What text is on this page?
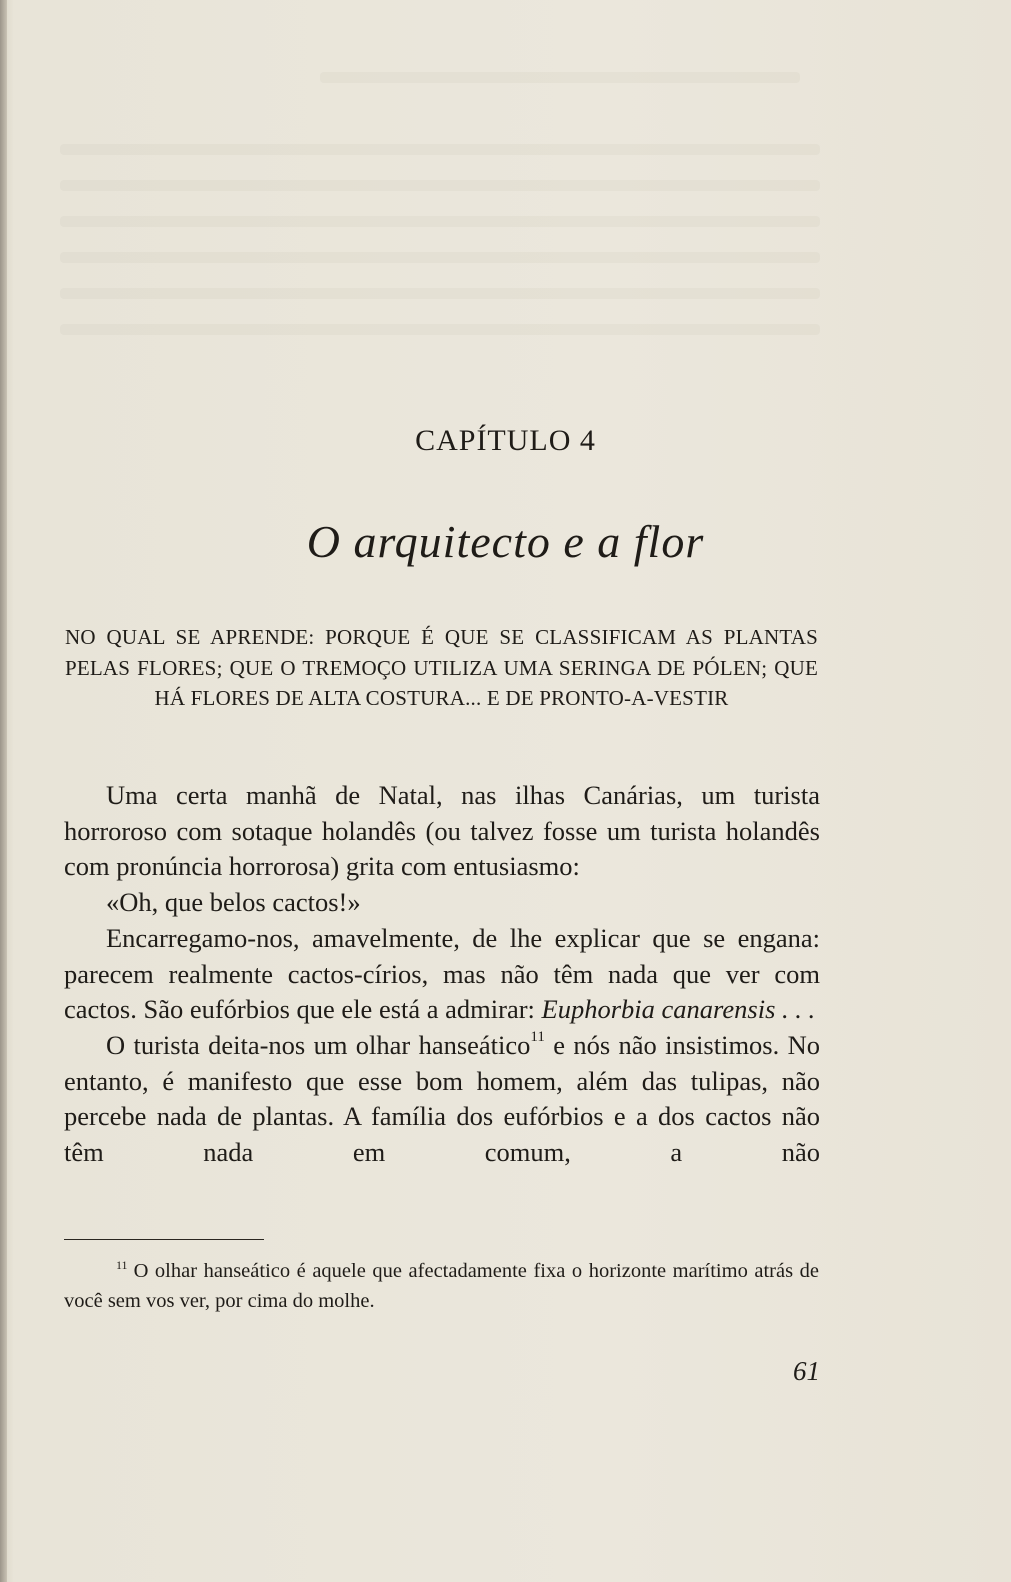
CAPÍTULO 4
O arquitecto e a flor
NO QUAL SE APRENDE: PORQUE É QUE SE CLASSIFICAM AS PLANTAS PELAS FLORES; QUE O TREMOÇO UTILIZA UMA SERINGA DE PÓLEN; QUE HÁ FLORES DE ALTA COSTURA... E DE PRONTO-A-VESTIR

Uma certa manhã de Natal, nas ilhas Canárias, um turista horroroso com sotaque holandês (ou talvez fosse um turista holandês com pronúncia horrorosa) grita com entusiasmo:

«Oh, que belos cactos!»

Encarregamo-nos, amavelmente, de lhe explicar que se engana: parecem realmente cactos-círios, mas não têm nada que ver com cactos. São eufórbios que ele está a admirar: Euphorbia canarensis . . .

O turista deita-nos um olhar hanseático$^{11}$ e nós não insistimos. No entanto, é manifesto que esse bom homem, além das tulipas, não percebe nada de plantas. A família dos eufórbios e a dos cactos não têm nada em comum, a não

$^{11}$ O olhar hanseático é aquele que afectadamente fixa o horizonte marítimo atrás de você sem vos ver, por cima do molhe.
61
